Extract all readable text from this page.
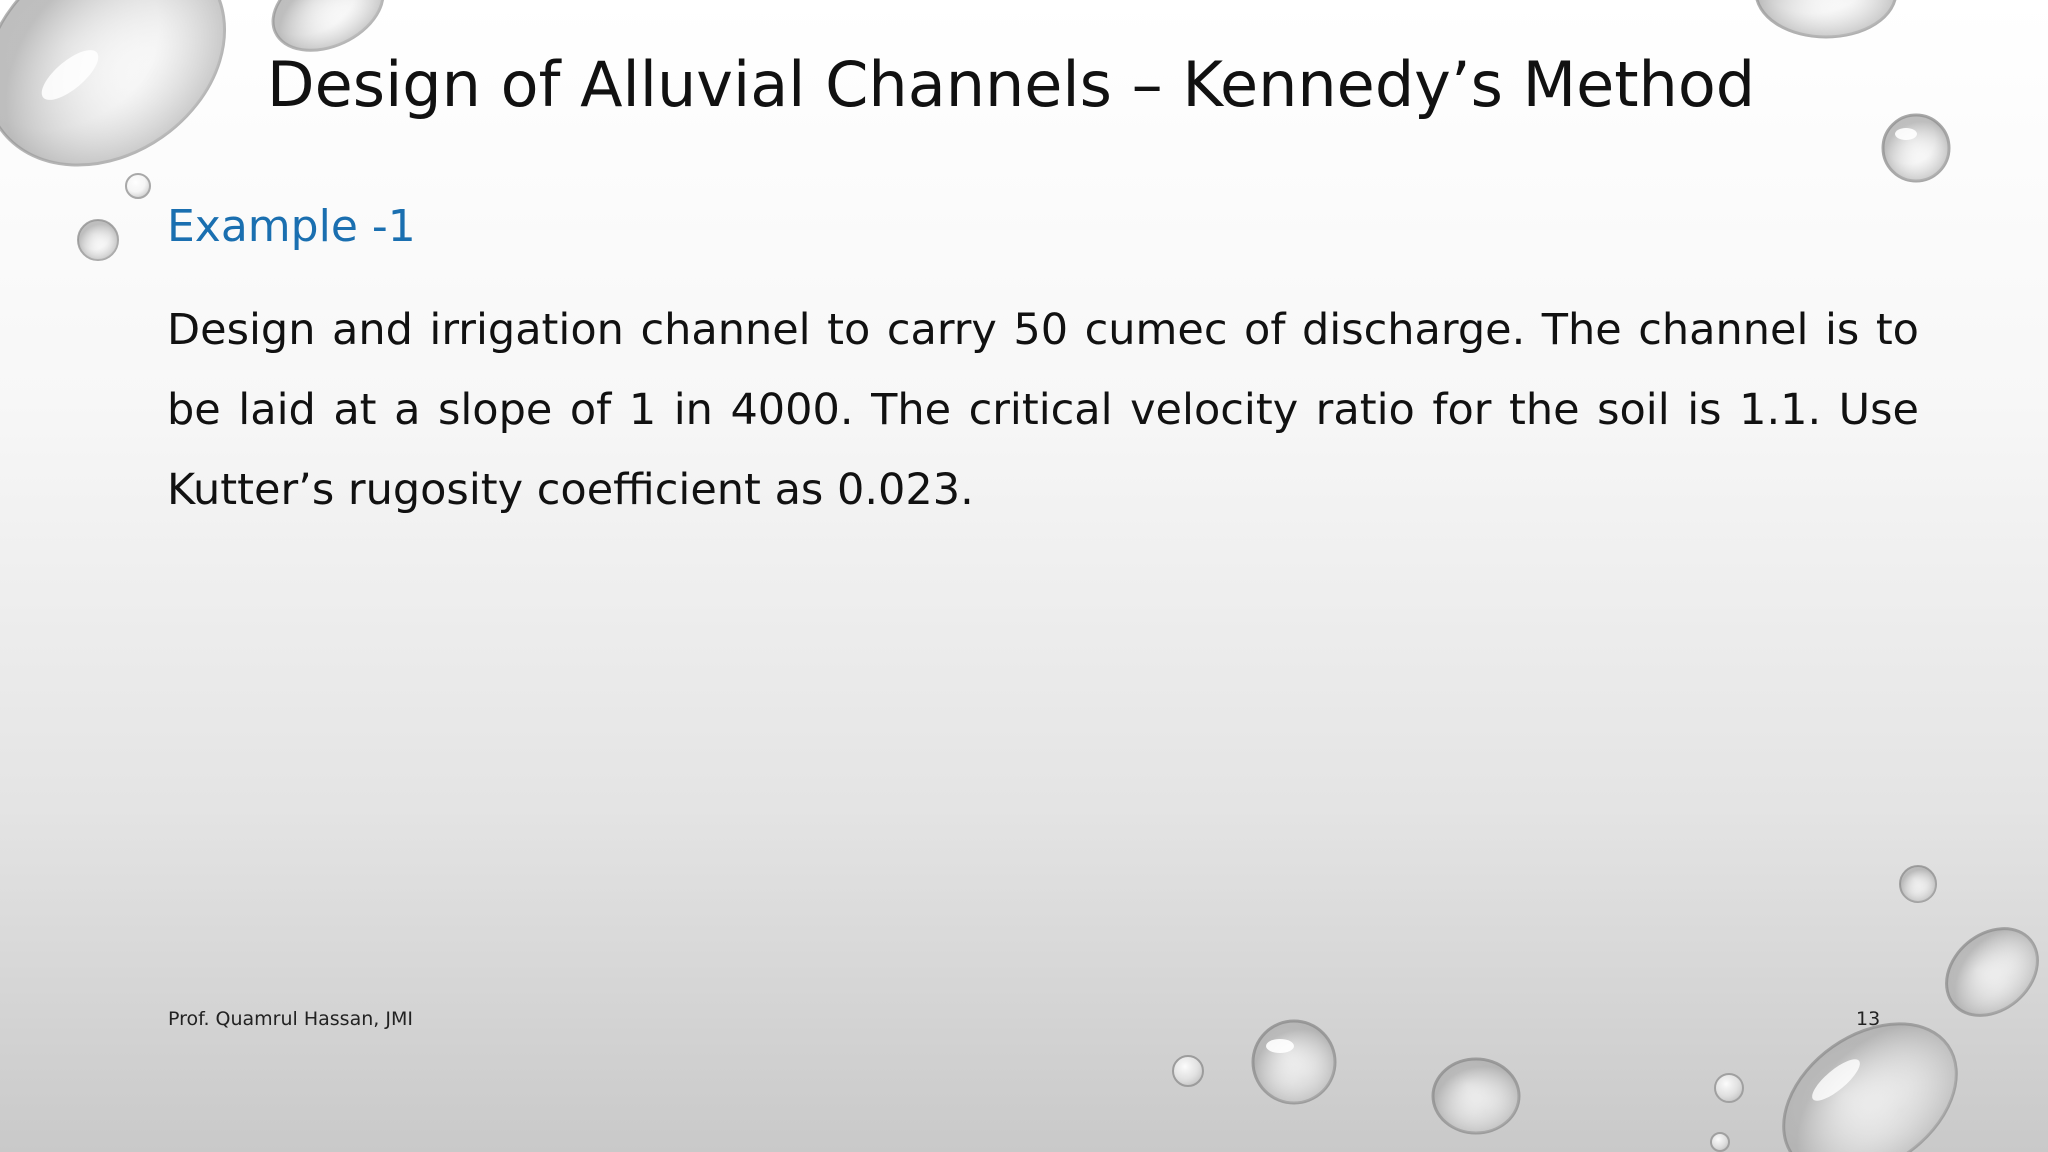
Design of Alluvial Channels – Kennedy’s Method
Example -1
Design and irrigation channel to carry 50 cumec of discharge. The channel is to be laid at a slope of 1 in 4000. The critical velocity ratio for the soil is 1.1. Use Kutter’s rugosity coefficient as 0.023.
Prof. Quamrul Hassan, JMI	13
